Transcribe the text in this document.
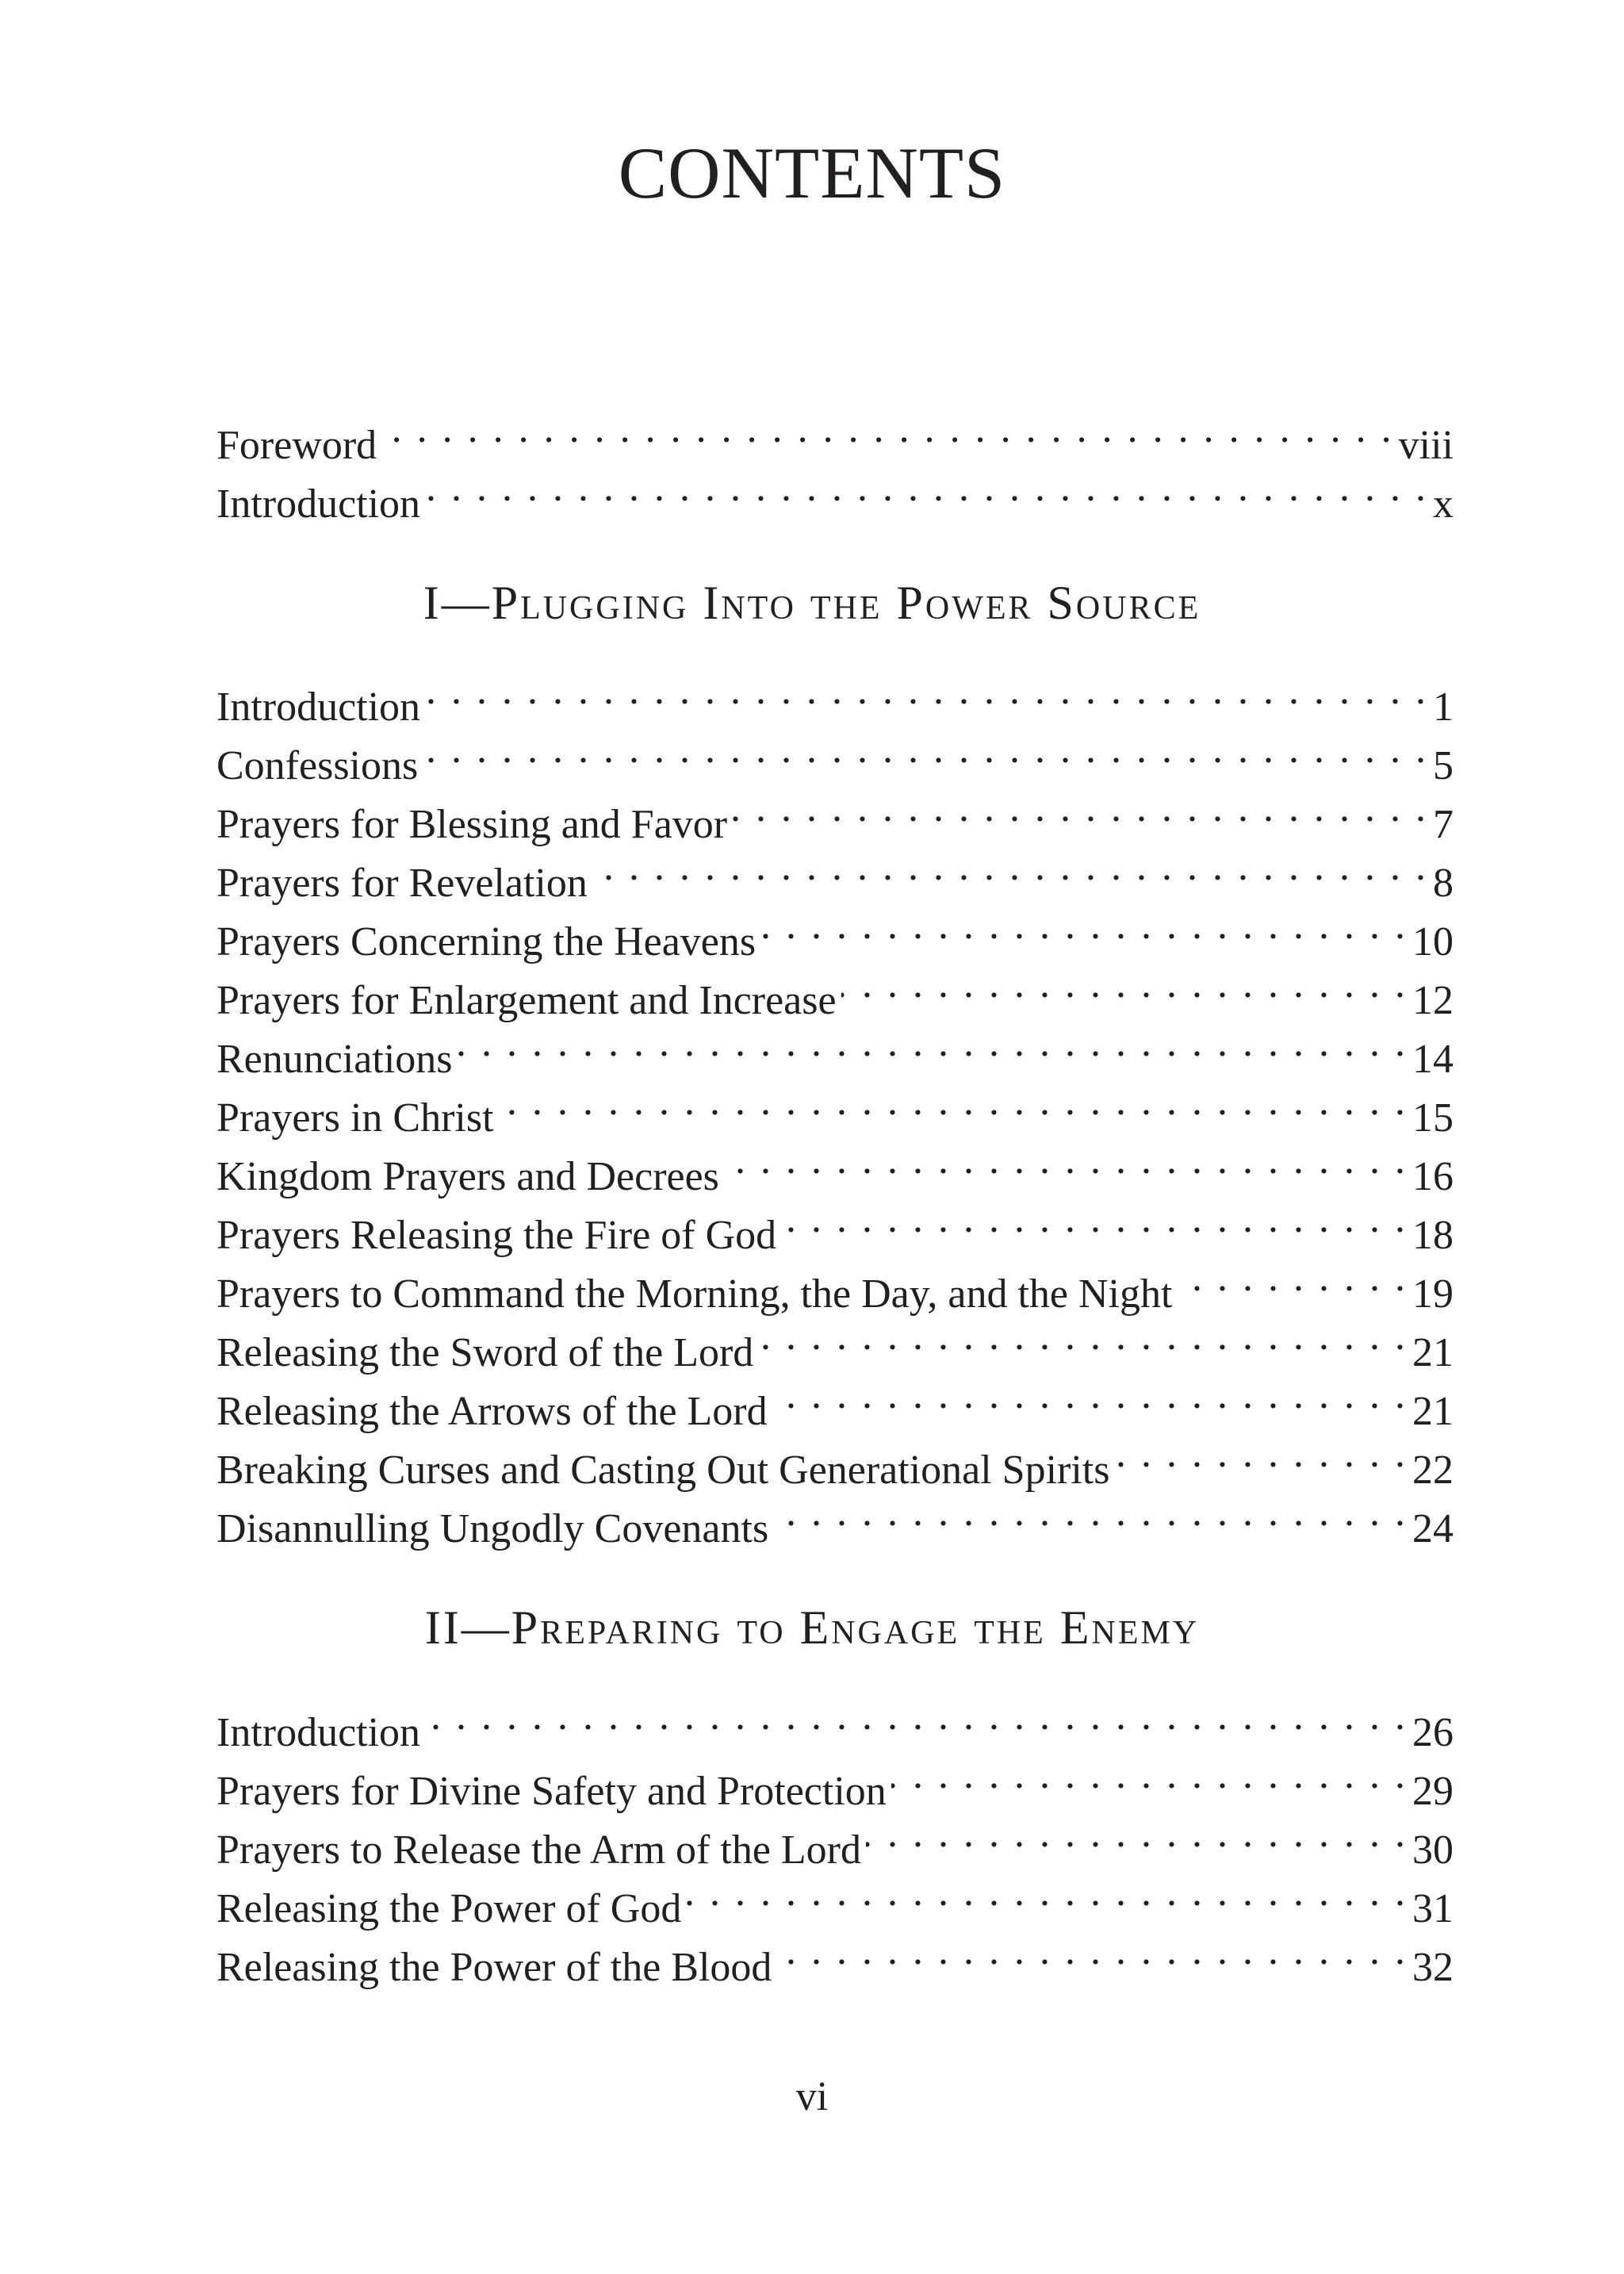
CONTENTS
Foreword . . .	viii
Introduction . . .	x
I—Plugging Into the Power Source
Introduction . . .	1
Confessions . . .	5
Prayers for Blessing and Favor . . .	7
Prayers for Revelation . . .	8
Prayers Concerning the Heavens . . .	10
Prayers for Enlargement and Increase . . .	12
Renunciations . . .	14
Prayers in Christ . . .	15
Kingdom Prayers and Decrees . . .	16
Prayers Releasing the Fire of God . . .	18
Prayers to Command the Morning, the Day, and the Night . . .	19
Releasing the Sword of the Lord . . .	21
Releasing the Arrows of the Lord . . .	21
Breaking Curses and Casting Out Generational Spirits . . .	22
Disannulling Ungodly Covenants . . .	24
II—Preparing to Engage the Enemy
Introduction . . .	26
Prayers for Divine Safety and Protection . . .	29
Prayers to Release the Arm of the Lord . . .	30
Releasing the Power of God . . .	31
Releasing the Power of the Blood . . .	32
vi
